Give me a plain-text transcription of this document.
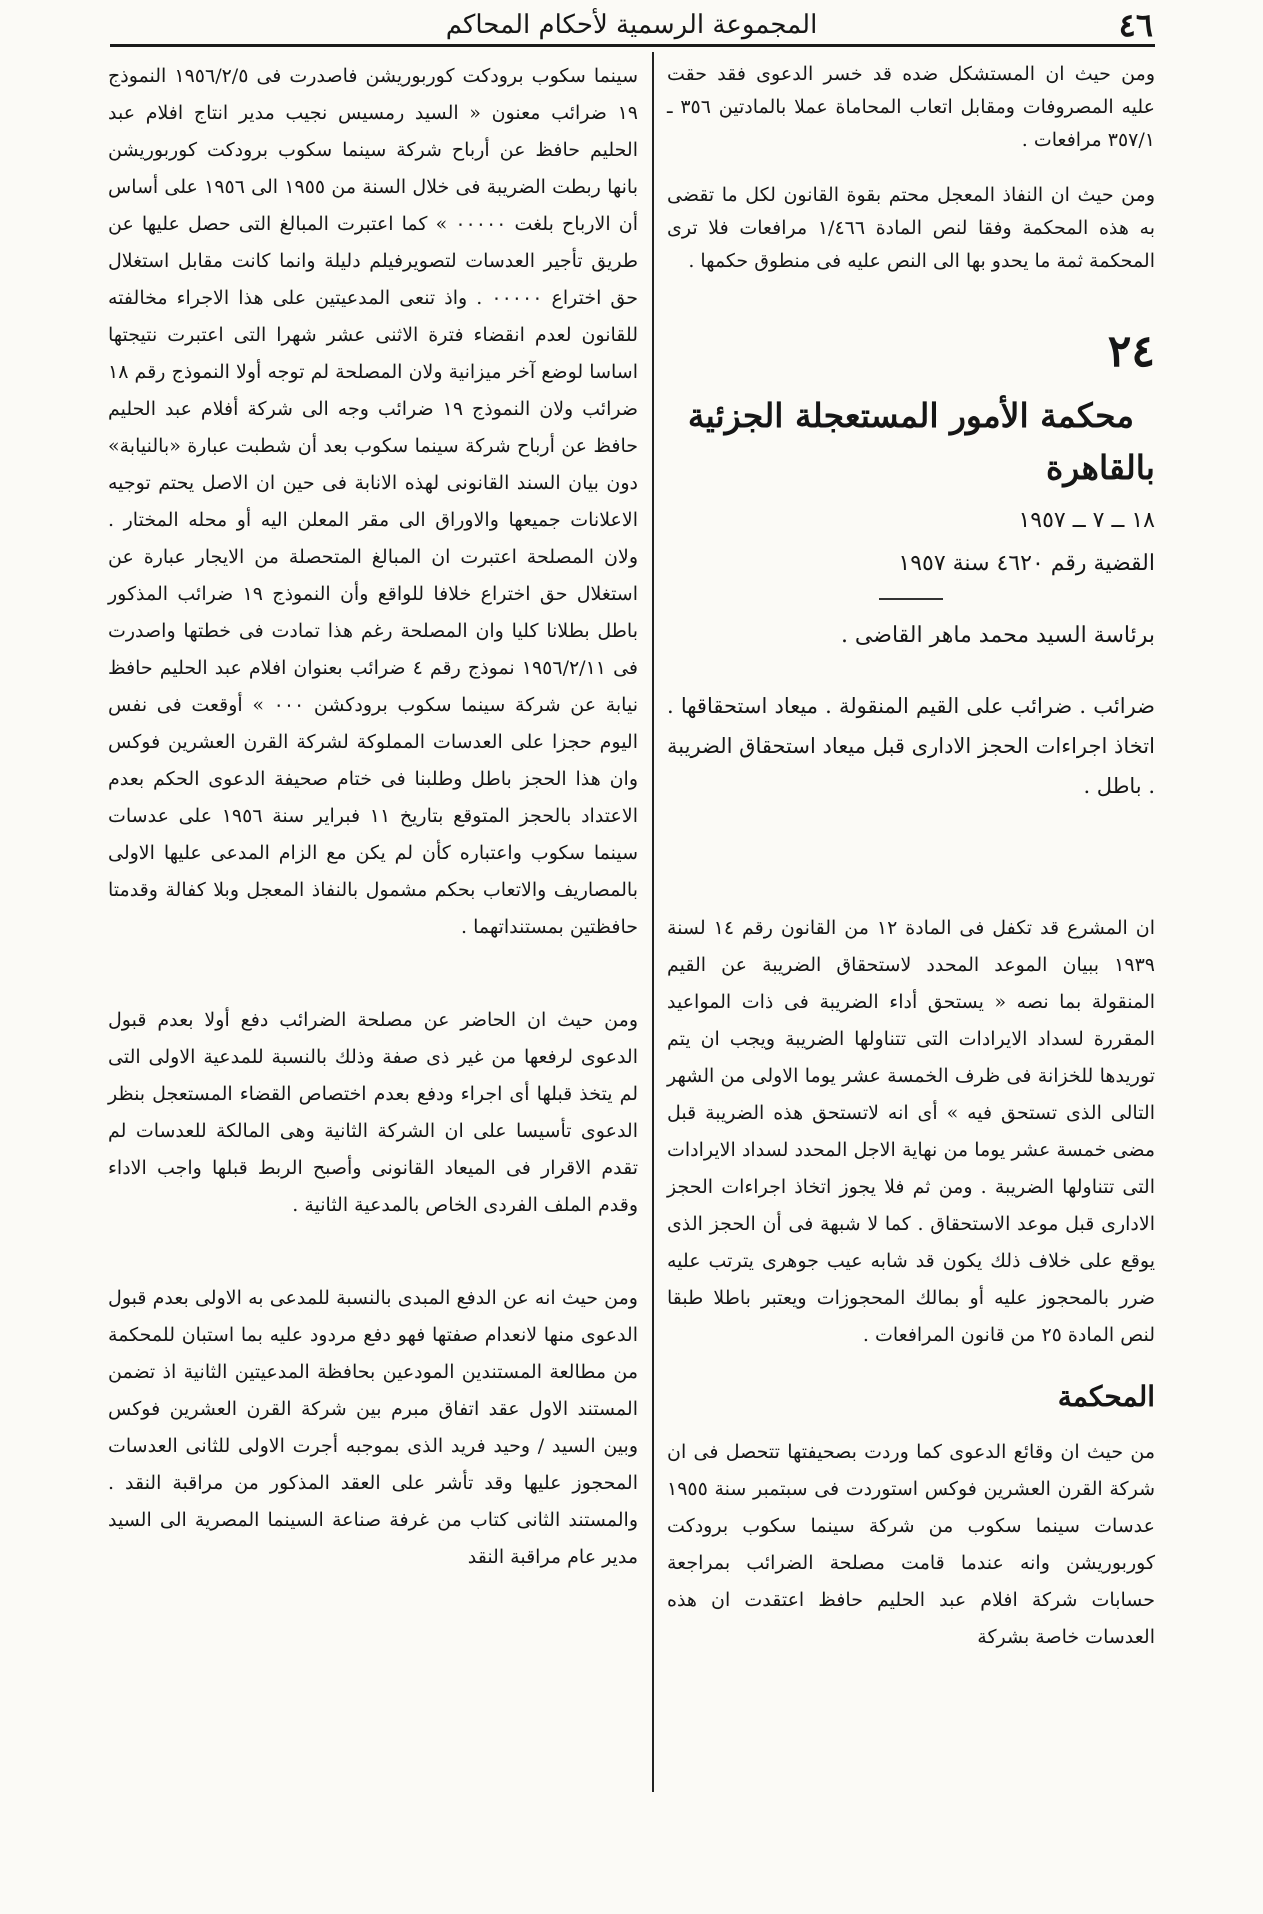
٤٦
المجموعة الرسمية لأحكام المحاكم

ومن حيث ان المستشكل ضده قد خسر الدعوى فقد حقت عليه المصروفات ومقابل اتعاب المحاماة عملا بالمادتين ٣٥٦ ـ ٣٥٧/١ مرافعات .

ومن حيث ان النفاذ المعجل محتم بقوة القانون لكل ما تقضى به هذه المحكمة وفقا لنص المادة ١/٤٦٦ مرافعات فلا ترى المحكمة ثمة ما يحدو بها الى النص عليه فى منطوق حكمها .

٢٤
محكمة الأمور المستعجلة الجزئية بالقاهرة
١٨ ــ ٧ ــ ١٩٥٧
القضية رقم ٤٦٢٠ سنة ١٩٥٧
برئاسة السيد محمد ماهر القاضى .

ضرائب . ضرائب على القيم المنقولة . ميعاد استحقاقها . اتخاذ اجراءات الحجز الادارى قبل ميعاد استحقاق الضريبة . باطل .

ان المشرع قد تكفل فى المادة ١٢ من القانون رقم ١٤ لسنة ١٩٣٩ ببيان الموعد المحدد لاستحقاق الضريبة عن القيم المنقولة بما نصه « يستحق أداء الضريبة فى ذات المواعيد المقررة لسداد الايرادات التى تتناولها الضريبة ويجب ان يتم توريدها للخزانة فى ظرف الخمسة عشر يوما الاولى من الشهر التالى الذى تستحق فيه » أى انه لاتستحق هذه الضريبة قبل مضى خمسة عشر يوما من نهاية الاجل المحدد لسداد الايرادات التى تتناولها الضريبة . ومن ثم فلا يجوز اتخاذ اجراءات الحجز الادارى قبل موعد الاستحقاق . كما لا شبهة فى أن الحجز الذى يوقع على خلاف ذلك يكون قد شابه عيب جوهرى يترتب عليه ضرر بالمحجوز عليه أو بمالك المحجوزات ويعتبر باطلا طبقا لنص المادة ٢٥ من قانون المرافعات .

المحكمة

من حيث ان وقائع الدعوى كما وردت بصحيفتها تتحصل فى ان شركة القرن العشرين فوكس استوردت فى سبتمبر سنة ١٩٥٥ عدسات سينما سكوب من شركة سينما سكوب برودكت كوربوريشن وانه عندما قامت مصلحة الضرائب بمراجعة حسابات شركة افلام عبد الحليم حافظ اعتقدت ان هذه العدسات خاصة بشركة

سينما سكوب برودكت كوربوريشن فاصدرت فى ١٩٥٦/٢/٥ النموذج ١٩ ضرائب معنون « السيد رمسيس نجيب مدير انتاج افلام عبد الحليم حافظ عن أرباح شركة سينما سكوب برودكت كوربوريشن بانها ربطت الضريبة فى خلال السنة من ١٩٥٥ الى ١٩٥٦ على أساس أن الارباح بلغت ٠٠٠٠٠ » كما اعتبرت المبالغ التى حصل عليها عن طريق تأجير العدسات لتصويرفيلم دليلة وانما كانت مقابل استغلال حق اختراع ٠٠٠٠٠ . واذ تنعى المدعيتين على هذا الاجراء مخالفته للقانون لعدم انقضاء فترة الاثنى عشر شهرا التى اعتبرت نتيجتها اساسا لوضع آخر ميزانية ولان المصلحة لم توجه أولا النموذج رقم ١٨ ضرائب ولان النموذج ١٩ ضرائب وجه الى شركة أفلام عبد الحليم حافظ عن أرباح شركة سينما سكوب بعد أن شطبت عبارة «بالنيابة» دون بيان السند القانونى لهذه الانابة فى حين ان الاصل يحتم توجيه الاعلانات جميعها والاوراق الى مقر المعلن اليه أو محله المختار . ولان المصلحة اعتبرت ان المبالغ المتحصلة من الايجار عبارة عن استغلال حق اختراع خلافا للواقع وأن النموذج ١٩ ضرائب المذكور باطل بطلانا كليا وان المصلحة رغم هذا تمادت فى خطتها واصدرت فى ١٩٥٦/٢/١١ نموذج رقم ٤ ضرائب بعنوان افلام عبد الحليم حافظ نيابة عن شركة سينما سكوب برودكشن ٠٠٠ » أوقعت فى نفس اليوم حجزا على العدسات المملوكة لشركة القرن العشرين فوكس وان هذا الحجز باطل وطلبنا فى ختام صحيفة الدعوى الحكم بعدم الاعتداد بالحجز المتوقع بتاريخ ١١ فبراير سنة ١٩٥٦ على عدسات سينما سكوب واعتباره كأن لم يكن مع الزام المدعى عليها الاولى بالمصاريف والاتعاب بحكم مشمول بالنفاذ المعجل وبلا كفالة وقدمتا حافظتين بمستنداتهما .

ومن حيث ان الحاضر عن مصلحة الضرائب دفع أولا بعدم قبول الدعوى لرفعها من غير ذى صفة وذلك بالنسبة للمدعية الاولى التى لم يتخذ قبلها أى اجراء ودفع بعدم اختصاص القضاء المستعجل بنظر الدعوى تأسيسا على ان الشركة الثانية وهى المالكة للعدسات لم تقدم الاقرار فى الميعاد القانونى وأصبح الربط قبلها واجب الاداء وقدم الملف الفردى الخاص بالمدعية الثانية .

ومن حيث انه عن الدفع المبدى بالنسبة للمدعى به الاولى بعدم قبول الدعوى منها لانعدام صفتها فهو دفع مردود عليه بما استبان للمحكمة من مطالعة المستندين المودعين بحافظة المدعيتين الثانية اذ تضمن المستند الاول عقد اتفاق مبرم بين شركة القرن العشرين فوكس وبين السيد / وحيد فريد الذى بموجبه أجرت الاولى للثانى العدسات المحجوز عليها وقد تأشر على العقد المذكور من مراقبة النقد . والمستند الثانى كتاب من غرفة صناعة السينما المصرية الى السيد مدير عام مراقبة النقد
